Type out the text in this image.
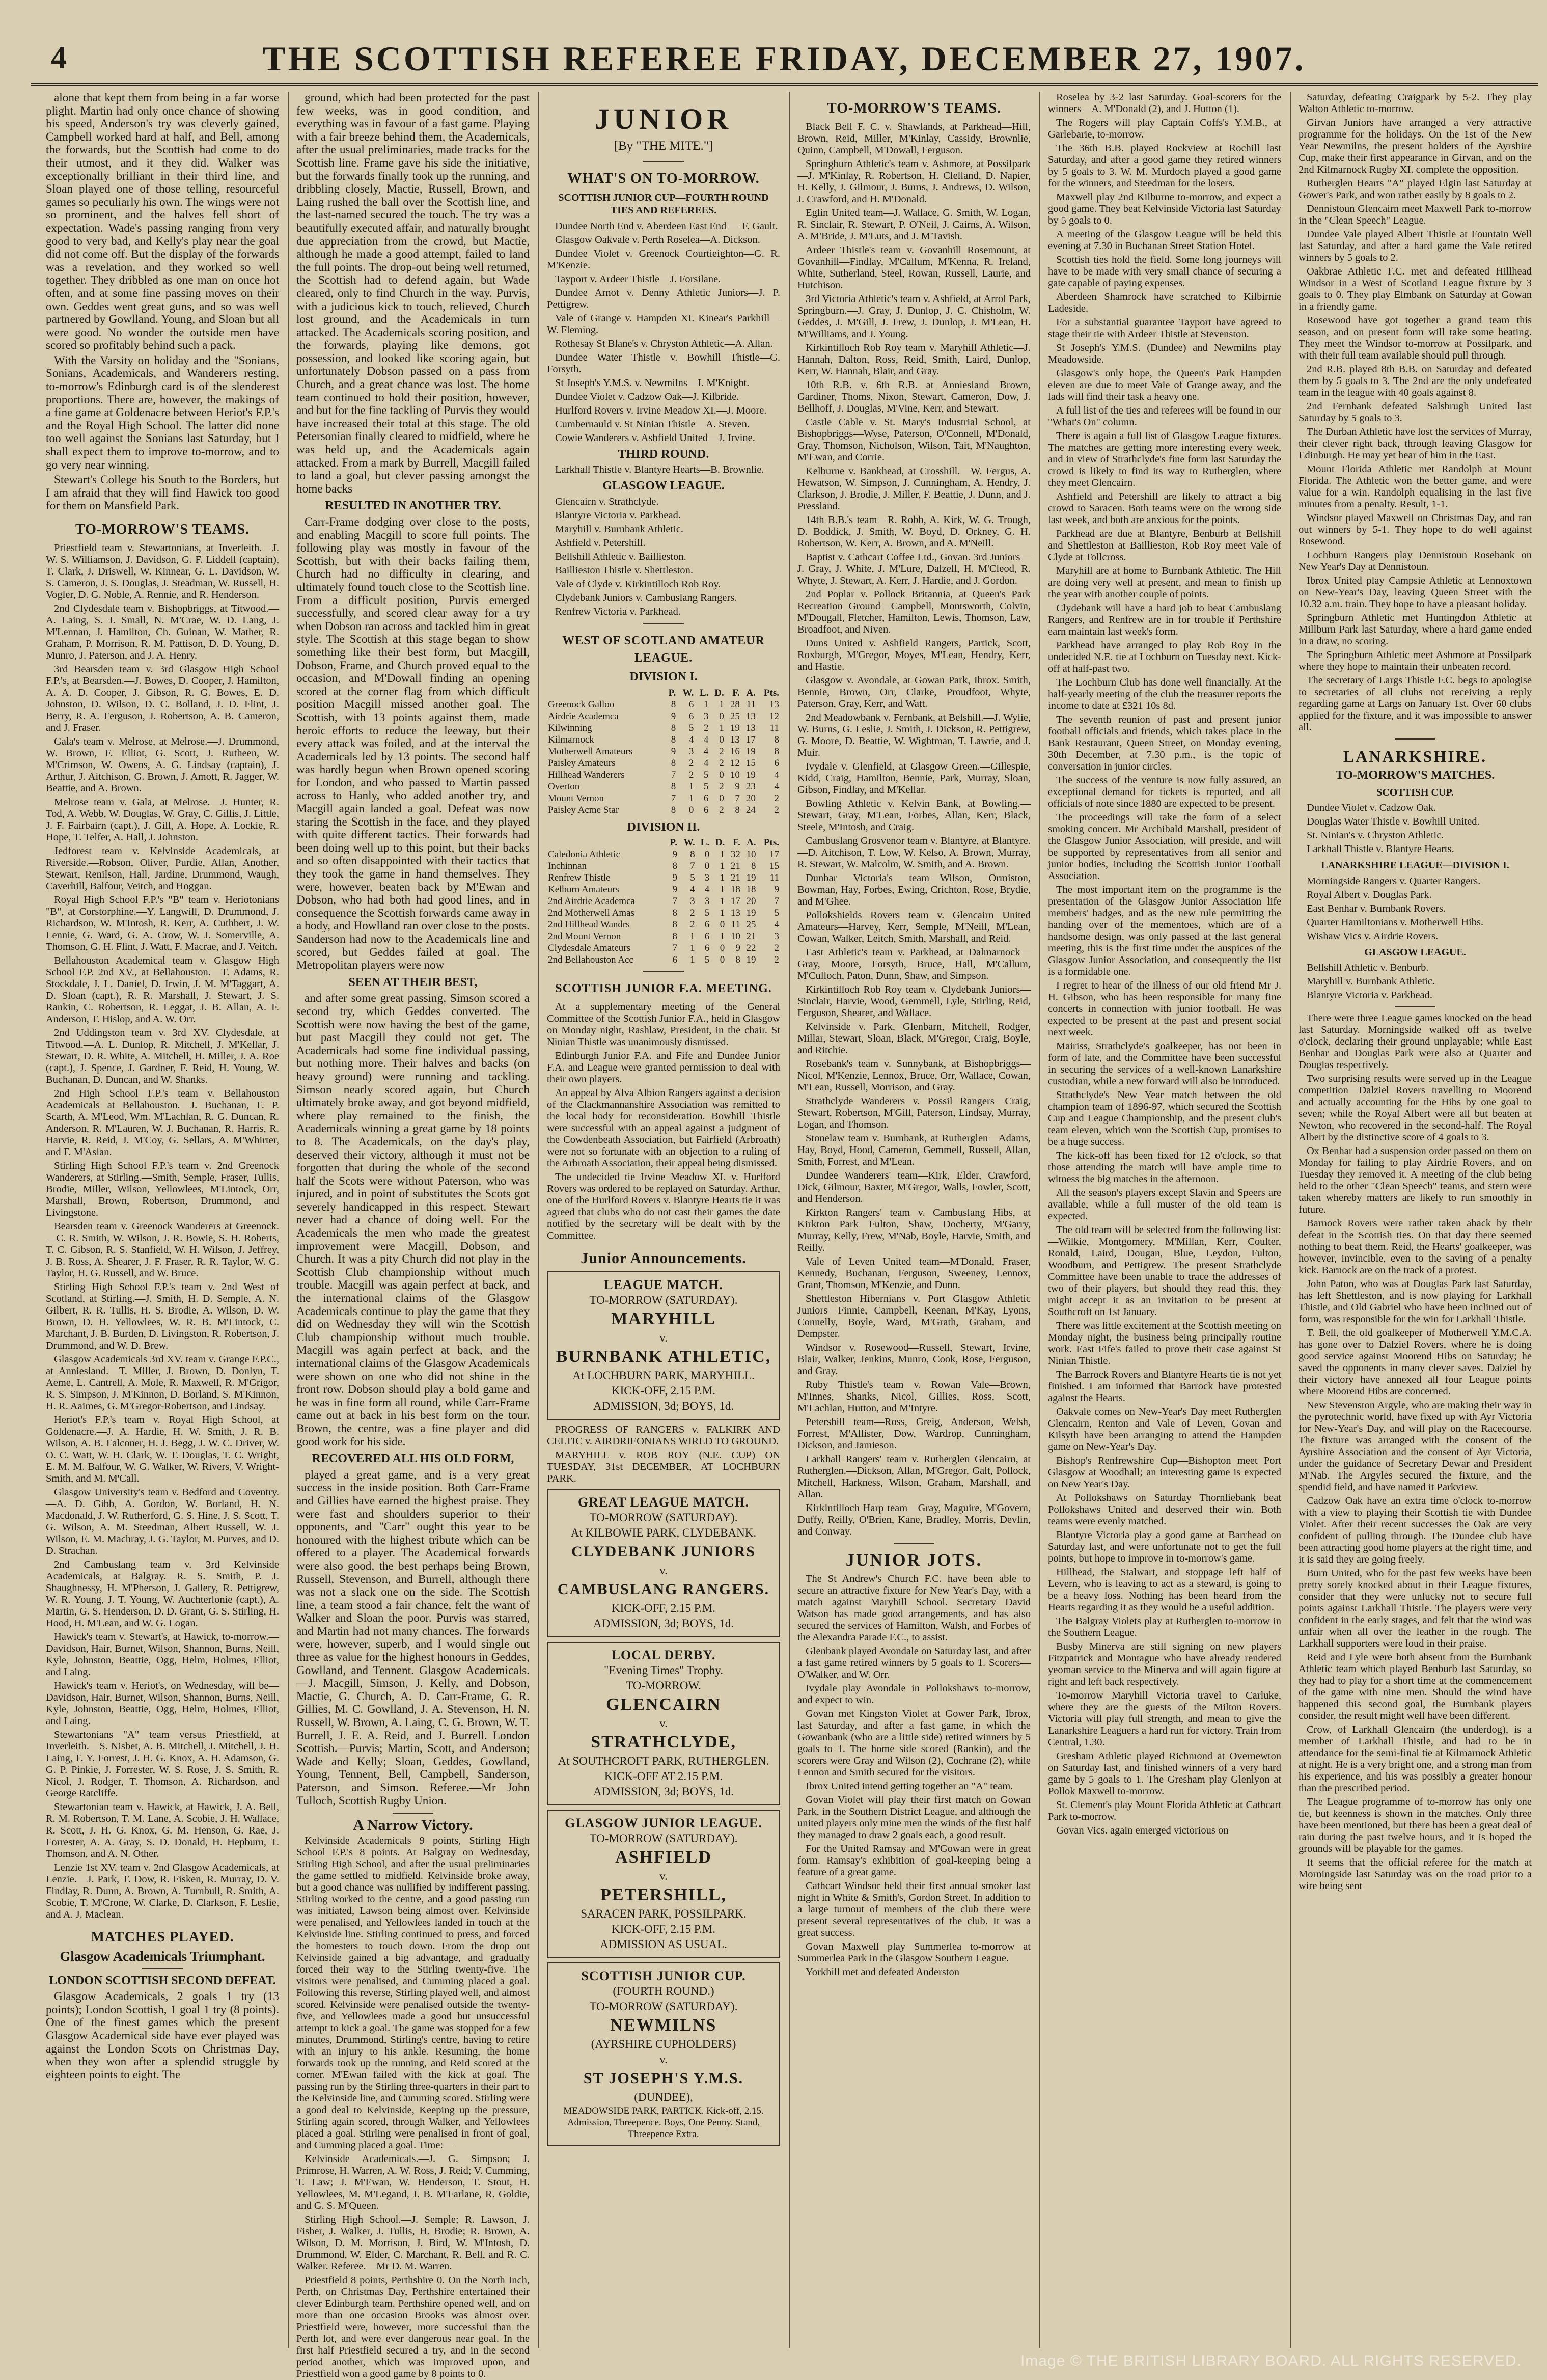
4	THE SCOTTISH REFEREE FRIDAY, DECEMBER 27, 1907.

alone that kept them from being in a far worse plight. Martin had only once chance of showing his speed, Anderson's try was cleverly gained, Campbell worked hard at half, and Bell, among the forwards, but the Scottish had come to do their utmost, and it they did. Walker was exceptionally brilliant in their third line, and Sloan played one of those telling, resourceful games so peculiarly his own. The wings were not so prominent, and the halves fell short of expectation. Wade's passing ranging from very good to very bad, and Kelly's play near the goal did not come off. But the display of the forwards was a revelation, and they worked so well together. They dribbled as one man on once hot often, and at some fine passing moves on their own. Geddes went great guns, and so was well partnered by Gowlland. Young, and Sloan but all were good. No wonder the outside men have scored so profitably behind such a pack.

With the Varsity on holiday and the "Sonians, Sonians, Academicals, and Wanderers resting, to-morrow's Edinburgh card is of the slenderest proportions. There are, however, the makings of a fine game at Goldenacre between Heriot's F.P.'s and the Royal High School. The latter did none too well against the Sonians last Saturday, but I shall expect them to improve to-morrow, and to go very near winning.

Stewart's College his South to the Borders, but I am afraid that they will find Hawick too good for them on Mansfield Park.

TO-MORROW'S TEAMS.

Priestfield team v. Stewartonians, at Inverleith.—J. W. S. Williamson, J. Davidson, G. F. Liddell (captain), T. Clark, J. Driswell, W. Kinnear, G. L. Davidson, W. S. Cameron, J. S. Douglas, J. Steadman, W. Russell, H. Vogler, D. G. Noble, A. Rennie, and R. Henderson.

2nd Clydesdale team v. Bishopbriggs, at Titwood.—A. Laing, S. J. Small, N. M'Crae, W. D. Lang, J. M'Lennan, J. Hamilton, Ch. Guinan, W. Mather, R. Graham, P. Morrison, R. M. Pattison, D. D. Young, D. Munro, J. Paterson, and J. A. Henry.

3rd Bearsden team v. 3rd Glasgow High School F.P.'s, at Bearsden.—J. Bowes, D. Cooper, J. Hamilton, A. A. D. Cooper, J. Gibson, R. G. Bowes, E. D. Johnston, D. Wilson, D. C. Bolland, J. D. Flint, J. Berry, R. A. Ferguson, J. Robertson, A. B. Cameron, and J. Fraser.

Gala's team v. Melrose, at Melrose.—J. Drummond, W. Brown, F. Elliot, G. Scott, J. Rutheen, W. M'Crimson, W. Owens, A. G. Lindsay (captain), J. Arthur, J. Aitchison, G. Brown, J. Amott, R. Jagger, W. Beattie, and A. Brown.

Melrose team v. Gala, at Melrose.—J. Hunter, R. Tod, A. Webb, W. Douglas, W. Gray, C. Gillis, J. Little, J. F. Fairbairn (capt.), J. Gill, A. Hope, A. Lockie, R. Hope, T. Telfer, A. Hall, J. Johnston.

Jedforest team v. Kelvinside Academicals, at Riverside.—Robson, Oliver, Purdie, Allan, Another, Stewart, Renilson, Hall, Jardine, Drummond, Waugh, Caverhill, Balfour, Veitch, and Hoggan.

Royal High School F.P.'s "B" team v. Heriotonians "B", at Corstorphine.—Y. Langwill, D. Drummond, J. Richardson, W. M'Intosh, R. Kerr, A. Cuthbert, J. W. Lennie, G. Ward, G. A. Crow, W. J. Somerville, A. Thomson, G. H. Flint, J. Watt, F. Macrae, and J. Veitch.

Bellahouston Academical team v. Glasgow High School F.P. 2nd XV., at Bellahouston.—T. Adams, R. Stockdale, J. L. Daniel, D. Irwin, J. M. M'Taggart, A. D. Sloan (capt.), R. R. Marshall, J. Stewart, J. S. Rankin, C. Robertson, R. Leggat, J. B. Allan, A. F. Anderson, T. Hislop, and A. W. Orr.

2nd Uddingston team v. 3rd XV. Clydesdale, at Titwood.—A. L. Dunlop, R. Mitchell, J. M'Kellar, J. Stewart, D. R. White, A. Mitchell, H. Miller, J. A. Roe (capt.), J. Spence, J. Gardner, F. Reid, H. Young, W. Buchanan, D. Duncan, and W. Shanks.

2nd High School F.P.'s team v. Bellahouston Academicals at Bellahouston.—J. Buchanan, F. P. Scarth, A. M'Leod, Wm. M'Lachlan, R. G. Duncan, R. Anderson, R. M'Lauren, W. J. Buchanan, R. Harris, R. Harvie, R. Reid, J. M'Coy, G. Sellars, A. M'Whirter, and F. M'Aslan.

Stirling High School F.P.'s team v. 2nd Greenock Wanderers, at Stirling.—Smith, Semple, Fraser, Tullis, Brodie, Miller, Wilson, Yellowlees, M'Lintock, Orr, Marshall, Brown, Robertson, Drummond, and Livingstone.

Bearsden team v. Greenock Wanderers at Greenock.—C. R. Smith, W. Wilson, J. R. Bowie, S. H. Roberts, T. C. Gibson, R. S. Stanfield, W. H. Wilson, J. Jeffrey, J. B. Ross, A. Shearer, J. F. Fraser, R. R. Taylor, W. G. Taylor, H. G. Russell, and W. Bruce.

Stirling High School F.P.'s team v. 2nd West of Scotland, at Stirling.—J. Smith, H. D. Semple, A. N. Gilbert, R. R. Tullis, H. S. Brodie, A. Wilson, D. W. Brown, D. H. Yellowlees, W. R. B. M'Lintock, C. Marchant, J. B. Burden, D. Livingston, R. Robertson, J. Drummond, and W. D. Brew.

Glasgow Academicals 3rd XV. team v. Grange F.P.C., at Anniesland.—T. Miller, J. Brown, D. Donlyn, T. Aeme, L. Cantrell, A. Mole, R. Maxwell, R. M'Grigor, R. S. Simpson, J. M'Kinnon, D. Borland, S. M'Kinnon, H. R. Aaimes, G. M'Gregor-Robertson, and Lindsay.

Heriot's F.P.'s team v. Royal High School, at Goldenacre.—J. A. Hardie, H. W. Smith, J. R. B. Wilson, A. B. Falconer, H. J. Begg, J. W. C. Driver, W. O. C. Watt, W. H. Clark, W. T. Douglas, T. C. Wright, E. M. M. Balfour, W. G. Walker, W. Rivers, V. Wright-Smith, and M. M'Call.

Glasgow University's team v. Bedford and Coventry.—A. D. Gibb, A. Gordon, W. Borland, H. N. Macdonald, J. W. Rutherford, G. S. Hine, J. S. Scott, T. G. Wilson, A. M. Steedman, Albert Russell, W. J. Wilson, E. M. Machray, J. G. Taylor, M. Purves, and D. D. Strachan.

2nd Cambuslang team v. 3rd Kelvinside Academicals, at Balgray.—R. S. Smith, P. J. Shaughnessy, H. M'Pherson, J. Gallery, R. Pettigrew, W. R. Young, J. T. Young, W. Auchterlonie (capt.), A. Martin, G. S. Henderson, D. D. Grant, G. S. Stirling, H. Hood, H. M'Lean, and W. G. Logan.

Hawick's team v. Stewart's, at Hawick, to-morrow.—Davidson, Hair, Burnet, Wilson, Shannon, Burns, Neill, Kyle, Johnston, Beattie, Ogg, Helm, Holmes, Elliot, and Laing.

Hawick's team v. Heriot's, on Wednesday, will be—Davidson, Hair, Burnet, Wilson, Shannon, Burns, Neill, Kyle, Johnston, Beattie, Ogg, Helm, Holmes, Elliot, and Laing.

Stewartonians "A" team versus Priestfield, at Inverleith.—S. Nisbet, A. B. Mitchell, J. Mitchell, J. H. Laing, F. Y. Forrest, J. H. G. Knox, A. H. Adamson, G. G. P. Pinkie, J. Forrester, W. S. Rose, J. S. Smith, R. Nicol, J. Rodger, T. Thomson, A. Richardson, and George Ratcliffe.

Stewartonian team v. Hawick, at Hawick, J. A. Bell, R. M. Robertson, T. M. Lane, A. Scobie, J. H. Wallace, R. Scott, J. H. G. Knox, G. M. Henson, G. Rae, J. Forrester, A. A. Gray, S. D. Donald, H. Hepburn, T. Thomson, and A. N. Other.

Lenzie 1st XV. team v. 2nd Glasgow Academicals, at Lenzie.—J. Park, T. Dow, R. Fisken, R. Murray, D. V. Findlay, R. Dunn, A. Brown, A. Turnbull, R. Smith, A. Scobie, T. M'Crone, W. Clarke, D. Clarkson, F. Leslie, and A. J. Maclean.

MATCHES PLAYED.
Glasgow Academicals Triumphant.
LONDON SCOTTISH SECOND DEFEAT.

Glasgow Academicals, 2 goals 1 try (13 points); London Scottish, 1 goal 1 try (8 points). One of the finest games which the present Glasgow Academical side have ever played was against the London Scots on Christmas Day, when they won after a splendid struggle by eighteen points to eight. The

ground, which had been protected for the past few weeks, was in good condition, and everything was in favour of a fast game. Playing with a fair breeze behind them, the Academicals, after the usual preliminaries, made tracks for the Scottish line. Frame gave his side the initiative, but the forwards finally took up the running, and dribbling closely, Mactie, Russell, Brown, and Laing rushed the ball over the Scottish line, and the last-named secured the touch. The try was a beautifully executed affair, and naturally brought due appreciation from the crowd, but Mactie, although he made a good attempt, failed to land the full points. The drop-out being well returned, the Scottish had to defend again, but Wade cleared, only to find Church in the way. Purvis, with a judicious kick to touch, relieved, Church lost ground, and the Academicals in turn attacked. The Academicals scoring position, and the forwards, playing like demons, got possession, and looked like scoring again, but unfortunately Dobson passed on a pass from Church, and a great chance was lost. The home team continued to hold their position, however, and but for the fine tackling of Purvis they would have increased their total at this stage. The old Petersonian finally cleared to midfield, where he was held up, and the Academicals again attacked. From a mark by Burrell, Macgill failed to land a goal, but clever passing amongst the home backs

RESULTED IN ANOTHER TRY.

Carr-Frame dodging over close to the posts, and enabling Macgill to score full points. The following play was mostly in favour of the Scottish, but with their backs failing them, Church had no difficulty in clearing, and ultimately found touch close to the Scottish line. From a difficult position, Purvis emerged successfully, and scored clear away for a try when Dobson ran across and tackled him in great style. The Scottish at this stage began to show something like their best form, but Macgill, Dobson, Frame, and Church proved equal to the occasion, and M'Dowall finding an opening scored at the corner flag from which difficult position Macgill missed another goal. The Scottish, with 13 points against them, made heroic efforts to reduce the leeway, but their every attack was foiled, and at the interval the Academicals led by 13 points. The second half was hardly begun when Brown opened scoring for London, and who passed to Martin passed across to Hanly, who added another try, and Macgill again landed a goal. Defeat was now staring the Scottish in the face, and they played with quite different tactics. Their forwards had been doing well up to this point, but their backs and so often disappointed with their tactics that they took the game in hand themselves. They were, however, beaten back by M'Ewan and Dobson, who had both had good lines, and in consequence the Scottish forwards came away in a body, and Howlland ran over close to the posts. Sanderson had now to the Academicals line and scored, but Geddes failed at goal. The Metropolitan players were now

SEEN AT THEIR BEST,

and after some great passing, Simson scored a second try, which Geddes converted. The Scottish were now having the best of the game, but past Macgill they could not get. The Academicals had some fine individual passing, but nothing more. Their halves and backs (on heavy ground) were running and tackling. Simson nearly scored again, but Church ultimately broke away, and got beyond midfield, where play remained to the finish, the Academicals winning a great game by 18 points to 8. The Academicals, on the day's play, deserved their victory, although it must not be forgotten that during the whole of the second half the Scots were without Paterson, who was injured, and in point of substitutes the Scots got severely handicapped in this respect. Stewart never had a chance of doing well. For the Academicals the men who made the greatest improvement were Macgill, Dobson, and Church. It was a pity Church did not play in the Scottish Club championship without much trouble. Macgill was again perfect at back, and the international claims of the Glasgow Academicals continue to play the game that they did on Wednesday they will win the Scottish Club championship without much trouble. Macgill was again perfect at back, and the international claims of the Glasgow Academicals were shown on one who did not shine in the front row. Dobson should play a bold game and he was in fine form all round, while Carr-Frame came out at back in his best form on the tour. Brown, the centre, was a fine player and did good work for his side.

RECOVERED ALL HIS OLD FORM,

played a great game, and is a very great success in the inside position. Both Carr-Frame and Gillies have earned the highest praise. They were fast and shoulders superior to their opponents, and "Carr" ought this year to be honoured with the highest tribute which can be offered to a player. The Academical forwards were also good, the best perhaps being Brown, Russell, Stevenson, and Burrell, although there was not a slack one on the side. The Scottish line, a team stood a fair chance, felt the want of Walker and Sloan the poor. Purvis was starred, and Martin had not many chances. The forwards were, however, superb, and I would single out three as value for the highest honours in Geddes, Gowlland, and Tennent. Glasgow Academicals.—J. Macgill, Simson, J. Kelly, and Dobson, Mactie, G. Church, A. D. Carr-Frame, G. R. Gillies, M. C. Gowlland, J. A. Stevenson, H. N. Russell, W. Brown, A. Laing, C. G. Brown, W. T. Burrell, J. E. A. Reid, and J. Burrell. London Scottish.—Purvis; Martin, Scott, and Anderson; Wade and Kelly; Sloan, Geddes, Gowlland, Young, Tennent, Bell, Campbell, Sanderson, Paterson, and Simson. Referee.—Mr John Tulloch, Scottish Rugby Union.

A Narrow Victory.

Kelvinside Academicals 9 points, Stirling High School F.P.'s 8 points. At Balgray on Wednesday, Stirling High School, and after the usual preliminaries the game settled to midfield. Kelvinside broke away, but a good chance was nullified by indifferent passing. Stirling worked to the centre, and a good passing run was initiated, Lawson being almost over. Kelvinside were penalised, and Yellowlees landed in touch at the Kelvinside line. Stirling continued to press, and forced the homesters to touch down. From the drop out Kelvinside gained a big advantage, and gradually forced their way to the Stirling twenty-five. The visitors were penalised, and Cumming placed a goal. Following this reverse, Stirling played well, and almost scored. Kelvinside were penalised outside the twenty-five, and Yellowlees made a good but unsuccessful attempt to kick a goal. The game was stopped for a few minutes, Drummond, Stirling's centre, having to retire with an injury to his ankle. Resuming, the home forwards took up the running, and Reid scored at the corner. M'Ewan failed with the kick at goal. The passing run by the Stirling three-quarters in their part to the Kelvinside line, and Cumming scored. Stirling were a good deal to Kelvinside, Keeping up the pressure, Stirling again scored, through Walker, and Yellowlees placed a goal. Stirling were penalised in front of goal, and Cumming placed a goal. Time:—

Kelvinside Academicals.—J. G. Simpson; J. Primrose, H. Warren, A. W. Ross, J. Reid; V. Cumming, T. Law; J. M'Ewan, W. Henderson, T. Stout, H. Yellowlees, M. M'Legand, J. B. M'Farlane, R. Goldie, and G. S. M'Queen.

Stirling High School.—J. Semple; R. Lawson, J. Fisher, J. Walker, J. Tullis, H. Brodie; R. Brown, A. Wilson, D. M. Morrison, J. Bird, W. M'Intosh, D. Drummond, W. Elder, C. Marchant, R. Bell, and R. C. Walker. Referee.—Mr D. M. Warren.

Priestfield 8 points, Perthshire 0. On the North Inch, Perth, on Christmas Day, Perthshire entertained their clever Edinburgh team. Perthshire opened well, and on more than one occasion Brooks was almost over. Priestfield were, however, more successful than the Perth lot, and were ever dangerous near goal. In the first half Priestfield secured a try, and in the second period another, which was improved upon, and Priestfield won a good game by 8 points to 0.

JUNIOR
[By "THE MITE."]
WHAT'S ON TO-MORROW.
SCOTTISH JUNIOR CUP—FOURTH ROUND TIES AND REFEREES.

Dundee North End v. Aberdeen East End — F. Gault.

Glasgow Oakvale v. Perth Roselea—A. Dickson.

Dundee Violet v. Greenock Courtieighton—G. R. M'Kenzie.

Tayport v. Ardeer Thistle—J. Forsilane.

Dundee Arnot v. Denny Athletic Juniors—J. P. Pettigrew.

Vale of Grange v. Hampden XI. Kinear's Parkhill—W. Fleming.

Rothesay St Blane's v. Chryston Athletic—A. Allan.

Dundee Water Thistle v. Bowhill Thistle—G. Forsyth.

St Joseph's Y.M.S. v. Newmilns—I. M'Knight.

Dundee Violet v. Cadzow Oak—J. Kilbride.

Hurlford Rovers v. Irvine Meadow XI.—J. Moore.

Cumbernauld v. St Ninian Thistle—A. Steven.

Cowie Wanderers v. Ashfield United—J. Irvine.

THIRD ROUND.

Larkhall Thistle v. Blantyre Hearts—B. Brownlie.

GLASGOW LEAGUE.

Glencairn v. Strathclyde.

Blantyre Victoria v. Parkhead.

Maryhill v. Burnbank Athletic.

Ashfield v. Petershill.

Bellshill Athletic v. Baillieston.

Baillieston Thistle v. Shettleston.

Vale of Clyde v. Kirkintilloch Rob Roy.

Clydebank Juniors v. Cambuslang Rangers.

Renfrew Victoria v. Parkhead.

WEST OF SCOTLAND AMATEUR LEAGUE.
DIVISION I.
	P.	W.	L.	D.	F.	A.	Pts.
Greenock Galloo	8	6	1	1	28	11	13
Airdrie Academca	9	6	3	0	25	13	12
Kilwinning	8	5	2	1	19	13	11
Kilmarnock	8	4	4	0	13	17	8
Motherwell Amateurs	9	3	4	2	16	19	8
Paisley Amateurs	8	2	4	2	12	15	6
Hillhead Wanderers	7	2	5	0	10	19	4
Overton	8	1	5	2	9	23	4
Mount Vernon	7	1	6	0	7	20	2
Paisley Acme Star	8	0	6	2	8	24	2
DIVISION II.
	P.	W.	L.	D.	F.	A.	Pts.
Caledonia Athletic	9	8	0	1	32	10	17
Inchinnan	8	7	0	1	21	8	15
Renfrew Thistle	9	5	3	1	21	19	11
Kelburn Amateurs	9	4	4	1	18	18	9
2nd Airdrie Academca	7	3	3	1	17	20	7
2nd Motherwell Amas	8	2	5	1	13	19	5
2nd Hillhead Wandrs	8	2	6	0	11	25	4
2nd Mount Vernon	8	1	6	1	10	21	3
Clydesdale Amateurs	7	1	6	0	9	22	2
2nd Bellahouston Acc	6	1	5	0	8	19	2
SCOTTISH JUNIOR F.A. MEETING.

At a supplementary meeting of the General Committee of the Scottish Junior F.A., held in Glasgow on Monday night, Rashlaw, President, in the chair. St Ninian Thistle was unanimously dismissed.

Edinburgh Junior F.A. and Fife and Dundee Junior F.A. and League were granted permission to deal with their own players.

An appeal by Alva Albion Rangers against a decision of the Clackmannanshire Association was remitted to the local body for reconsideration. Bowhill Thistle were successful with an appeal against a judgment of the Cowdenbeath Association, but Fairfield (Arbroath) were not so fortunate with an objection to a ruling of the Arbroath Association, their appeal being dismissed.

The undecided tie Irvine Meadow XI. v. Hurlford Rovers was ordered to be replayed on Saturday. Arthur, one of the Hurlford Rovers v. Blantyre Hearts tie it was agreed that clubs who do not cast their games the date notified by the secretary will be dealt with by the Committee.

Junior Announcements.
LEAGUE MATCH.
TO-MORROW (SATURDAY).
MARYHILL
v.
BURNBANK ATHLETIC,
At LOCHBURN PARK, MARYHILL.
KICK-OFF, 2.15 P.M.
ADMISSION, 3d; BOYS, 1d.

PROGRESS OF RANGERS v. FALKIRK AND CELTIC v. AIRDRIEONIANS WIRED TO GROUND.

MARYHILL v. ROB ROY (N.E. CUP) ON TUESDAY, 31st DECEMBER, AT LOCHBURN PARK.

GREAT LEAGUE MATCH.
TO-MORROW (SATURDAY).
At KILBOWIE PARK, CLYDEBANK.
CLYDEBANK JUNIORS
v.
CAMBUSLANG RANGERS.
KICK-OFF, 2.15 P.M.
ADMISSION, 3d; BOYS, 1d.
LOCAL DERBY.
"Evening Times" Trophy.
TO-MORROW.
GLENCAIRN
v.
STRATHCLYDE,
At SOUTHCROFT PARK, RUTHERGLEN.
KICK-OFF AT 2.15 P.M.
ADMISSION, 3d; BOYS, 1d.
GLASGOW JUNIOR LEAGUE.
TO-MORROW (SATURDAY).
ASHFIELD
v.
PETERSHILL,
SARACEN PARK, POSSILPARK.
KICK-OFF, 2.15 P.M.
ADMISSION AS USUAL.
SCOTTISH JUNIOR CUP.
(FOURTH ROUND.)
TO-MORROW (SATURDAY).
NEWMILNS
(AYRSHIRE CUPHOLDERS)
v.
ST JOSEPH'S Y.M.S.
(DUNDEE),
MEADOWSIDE PARK, PARTICK. Kick-off, 2.15. Admission, Threepence. Boys, One Penny. Stand, Threepence Extra.
TO-MORROW'S TEAMS.

Black Bell F. C. v. Shawlands, at Parkhead—Hill, Brown, Reid, Miller, M'Kinlay, Cassidy, Brownlie, Quinn, Campbell, M'Dowall, Ferguson.

Springburn Athletic's team v. Ashmore, at Possilpark—J. M'Kinlay, R. Robertson, H. Clelland, D. Napier, H. Kelly, J. Gilmour, J. Burns, J. Andrews, D. Wilson, J. Crawford, and H. M'Donald.

Eglin United team—J. Wallace, G. Smith, W. Logan, R. Sinclair, R. Stewart, P. O'Neil, J. Cairns, A. Wilson, A. M'Bride, J. M'Luts, and J. M'Tavish.

Ardeer Thistle's team v. Govanhill Rosemount, at Govanhill—Findlay, M'Callum, M'Kenna, R. Ireland, White, Sutherland, Steel, Rowan, Russell, Laurie, and Hutchison.

3rd Victoria Athletic's team v. Ashfield, at Arrol Park, Springburn.—J. Gray, J. Dunlop, J. C. Chisholm, W. Geddes, J. M'Gill, J. Frew, J. Dunlop, J. M'Lean, H. M'Williams, and J. Young.

Kirkintilloch Rob Roy team v. Maryhill Athletic—J. Hannah, Dalton, Ross, Reid, Smith, Laird, Dunlop, Kerr, W. Hannah, Blair, and Gray.

10th R.B. v. 6th R.B. at Anniesland—Brown, Gardiner, Thoms, Nixon, Stewart, Cameron, Dow, J. Bellhoff, J. Douglas, M'Vine, Kerr, and Stewart.

Castle Cable v. St. Mary's Industrial School, at Bishopbriggs—Wyse, Paterson, O'Connell, M'Donald, Gray, Thomson, Nicholson, Wilson, Tait, M'Naughton, M'Ewan, and Corrie.

Kelburne v. Bankhead, at Crosshill.—W. Fergus, A. Hewatson, W. Simpson, J. Cunningham, A. Hendry, J. Clarkson, J. Brodie, J. Miller, F. Beattie, J. Dunn, and J. Pressland.

14th B.B.'s team—R. Robb, A. Kirk, W. G. Trough, D. Boddick, J. Smith, W. Boyd, D. Orkney, G. H. Robertson, W. Kerr, A. Brown, and A. M'Neill.

Baptist v. Cathcart Coffee Ltd., Govan. 3rd Juniors—J. Gray, J. White, J. M'Lure, Dalzell, H. M'Cleod, R. Whyte, J. Stewart, A. Kerr, J. Hardie, and J. Gordon.

2nd Poplar v. Pollock Britannia, at Queen's Park Recreation Ground—Campbell, Montsworth, Colvin, M'Dougall, Fletcher, Hamilton, Lewis, Thomson, Law, Broadfoot, and Niven.

Duns United v. Ashfield Rangers, Partick, Scott, Roxburgh, M'Gregor, Moyes, M'Lean, Hendry, Kerr, and Hastie.

Glasgow v. Avondale, at Gowan Park, Ibrox. Smith, Bennie, Brown, Orr, Clarke, Proudfoot, Whyte, Paterson, Gray, Kerr, and Watt.

2nd Meadowbank v. Fernbank, at Belshill.—J. Wylie, W. Burns, G. Leslie, J. Smith, J. Dickson, R. Pettigrew, G. Moore, D. Beattie, W. Wightman, T. Lawrie, and J. Muir.

Ivydale v. Glenfield, at Glasgow Green.—Gillespie, Kidd, Craig, Hamilton, Bennie, Park, Murray, Sloan, Gibson, Findlay, and M'Kellar.

Bowling Athletic v. Kelvin Bank, at Bowling.—Stewart, Gray, M'Lean, Forbes, Allan, Kerr, Black, Steele, M'Intosh, and Craig.

Cambuslang Grosvenor team v. Blantyre, at Blantyre.—D. Aitchison, T. Low, W. Kelso, A. Brown, Murray, R. Stewart, W. Malcolm, W. Smith, and A. Brown.

Dunbar Victoria's team—Wilson, Ormiston, Bowman, Hay, Forbes, Ewing, Crichton, Rose, Brydie, and M'Ghee.

Pollokshields Rovers team v. Glencairn United Amateurs—Harvey, Kerr, Semple, M'Neill, M'Lean, Cowan, Walker, Leitch, Smith, Marshall, and Reid.

East Athletic's team v. Parkhead, at Dalmarnock—Gray, Moore, Forsyth, Bruce, Hall, M'Callum, M'Culloch, Paton, Dunn, Shaw, and Simpson.

Kirkintilloch Rob Roy team v. Clydebank Juniors—Sinclair, Harvie, Wood, Gemmell, Lyle, Stirling, Reid, Ferguson, Shearer, and Wallace.

Kelvinside v. Park, Glenbarn, Mitchell, Rodger, Millar, Stewart, Sloan, Black, M'Gregor, Craig, Boyle, and Ritchie.

Rosebank's team v. Sunnybank, at Bishopbriggs—Nicol, M'Kenzie, Lennox, Bruce, Orr, Wallace, Cowan, M'Lean, Russell, Morrison, and Gray.

Strathclyde Wanderers v. Possil Rangers—Craig, Stewart, Robertson, M'Gill, Paterson, Lindsay, Murray, Logan, and Thomson.

Stonelaw team v. Burnbank, at Rutherglen—Adams, Hay, Boyd, Hood, Cameron, Gemmell, Russell, Allan, Smith, Forrest, and M'Lean.

Dundee Wanderers' team—Kirk, Elder, Crawford, Dick, Gilmour, Baxter, M'Gregor, Walls, Fowler, Scott, and Henderson.

Kirkton Rangers' team v. Cambuslang Hibs, at Kirkton Park—Fulton, Shaw, Docherty, M'Garry, Murray, Kelly, Frew, M'Nab, Boyle, Harvie, Smith, and Reilly.

Vale of Leven United team—M'Donald, Fraser, Kennedy, Buchanan, Ferguson, Sweeney, Lennox, Grant, Thomson, M'Kenzie, and Dunn.

Shettleston Hibernians v. Port Glasgow Athletic Juniors—Finnie, Campbell, Keenan, M'Kay, Lyons, Connelly, Boyle, Ward, M'Grath, Graham, and Dempster.

Windsor v. Rosewood—Russell, Stewart, Irvine, Blair, Walker, Jenkins, Munro, Cook, Rose, Ferguson, and Gray.

Ruby Thistle's team v. Rowan Vale—Brown, M'Innes, Shanks, Nicol, Gillies, Ross, Scott, M'Lachlan, Hutton, and M'Intyre.

Petershill team—Ross, Greig, Anderson, Welsh, Forrest, M'Allister, Dow, Wardrop, Cunningham, Dickson, and Jamieson.

Larkhall Rangers' team v. Rutherglen Glencairn, at Rutherglen.—Dickson, Allan, M'Gregor, Galt, Pollock, Mitchell, Harkness, Wilson, Graham, Marshall, and Allan.

Kirkintilloch Harp team—Gray, Maguire, M'Govern, Duffy, Reilly, O'Brien, Kane, Bradley, Morris, Devlin, and Conway.

JUNIOR JOTS.

The St Andrew's Church F.C. have been able to secure an attractive fixture for New Year's Day, with a match against Maryhill School. Secretary David Watson has made good arrangements, and has also secured the services of Hamilton, Walsh, and Forbes of the Alexandra Parade F.C., to assist.

Glenbank played Avondale on Saturday last, and after a fast game retired winners by 5 goals to 1. Scorers—O'Walker, and W. Orr.

Ivydale play Avondale in Pollokshaws to-morrow, and expect to win.

Govan met Kingston Violet at Gower Park, Ibrox, last Saturday, and after a fast game, in which the Gowanbank (who are a little side) retired winners by 5 goals to 1. The home side scored (Rankin), and the scorers were Gray and Wilson (2), Cochrane (2), while Lennon and Smith secured for the visitors.

Ibrox United intend getting together an "A" team.

Govan Violet will play their first match on Gowan Park, in the Southern District League, and although the united players only mine men the winds of the first half they managed to draw 2 goals each, a good result.

For the United Ramsay and M'Gowan were in great form. Ramsay's exhibition of goal-keeping being a feature of a great game.

Cathcart Windsor held their first annual smoker last night in White & Smith's, Gordon Street. In addition to a large turnout of members of the club there were present several representatives of the club. It was a great success.

Govan Maxwell play Summerlea to-morrow at Summerlea Park in the Glasgow Southern League.

Yorkhill met and defeated Anderston

Roselea by 3-2 last Saturday. Goal-scorers for the winners—A. M'Donald (2), and J. Hutton (1).

The Rogers will play Captain Coffs's Y.M.B., at Garlebarie, to-morrow.

The 36th B.B. played Rockview at Rochill last Saturday, and after a good game they retired winners by 5 goals to 3. W. M. Murdoch played a good game for the winners, and Steedman for the losers.

Maxwell play 2nd Kilburne to-morrow, and expect a good game. They beat Kelvinside Victoria last Saturday by 5 goals to 0.

A meeting of the Glasgow League will be held this evening at 7.30 in Buchanan Street Station Hotel.

Scottish ties hold the field. Some long journeys will have to be made with very small chance of securing a gate capable of paying expenses.

Aberdeen Shamrock have scratched to Kilbirnie Ladeside.

For a substantial guarantee Tayport have agreed to stage their tie with Ardeer Thistle at Stevenston.

St Joseph's Y.M.S. (Dundee) and Newmilns play Meadowside.

Glasgow's only hope, the Queen's Park Hampden eleven are due to meet Vale of Grange away, and the lads will find their task a heavy one.

A full list of the ties and referees will be found in our "What's On" column.

There is again a full list of Glasgow League fixtures. The matches are getting more interesting every week, and in view of Strathclyde's fine form last Saturday the crowd is likely to find its way to Rutherglen, where they meet Glencairn.

Ashfield and Petershill are likely to attract a big crowd to Saracen. Both teams were on the wrong side last week, and both are anxious for the points.

Parkhead are due at Blantyre, Benburb at Bellshill and Shettleston at Baillieston, Rob Roy meet Vale of Clyde at Tollcross.

Maryhill are at home to Burnbank Athletic. The Hill are doing very well at present, and mean to finish up the year with another couple of points.

Clydebank will have a hard job to beat Cambuslang Rangers, and Renfrew are in for trouble if Perthshire earn maintain last week's form.

Parkhead have arranged to play Rob Roy in the undecided N.E. tie at Lochburn on Tuesday next. Kick-off at half-past two.

The Lochburn Club has done well financially. At the half-yearly meeting of the club the treasurer reports the income to date at £321 10s 8d.

The seventh reunion of past and present junior football officials and friends, which takes place in the Bank Restaurant, Queen Street, on Monday evening, 30th December, at 7.30 p.m., is the topic of conversation in junior circles.

The success of the venture is now fully assured, an exceptional demand for tickets is reported, and all officials of note since 1880 are expected to be present.

The proceedings will take the form of a select smoking concert. Mr Archibald Marshall, president of the Glasgow Junior Association, will preside, and will be supported by representatives from all senior and junior bodies, including the Scottish Junior Football Association.

The most important item on the programme is the presentation of the Glasgow Junior Association life members' badges, and as the new rule permitting the handing over of the mementoes, which are of a handsome design, was only passed at the last general meeting, this is the first time under the auspices of the Glasgow Junior Association, and consequently the list is a formidable one.

I regret to hear of the illness of our old friend Mr J. H. Gibson, who has been responsible for many fine concerts in connection with junior football. He was expected to be present at the past and present social next week.

Mairiss, Strathclyde's goalkeeper, has not been in form of late, and the Committee have been successful in securing the services of a well-known Lanarkshire custodian, while a new forward will also be introduced.

Strathclyde's New Year match between the old champion team of 1896-97, which secured the Scottish Cup and League Championship, and the present club's team eleven, which won the Scottish Cup, promises to be a huge success.

The kick-off has been fixed for 12 o'clock, so that those attending the match will have ample time to witness the big matches in the afternoon.

All the season's players except Slavin and Speers are available, while a full muster of the old team is expected.

The old team will be selected from the following list:—Wilkie, Montgomery, M'Millan, Kerr, Coulter, Ronald, Laird, Dougan, Blue, Leydon, Fulton, Woodburn, and Pettigrew. The present Strathclyde Committee have been unable to trace the addresses of two of their players, but should they read this, they might accept it as an invitation to be present at Southcroft on 1st January.

There was little excitement at the Scottish meeting on Monday night, the business being principally routine work. East Fife's failed to prove their case against St Ninian Thistle.

The Barrock Rovers and Blantyre Hearts tie is not yet finished. I am informed that Barrock have protested against the Hearts.

Oakvale comes on New-Year's Day meet Rutherglen Glencairn, Renton and Vale of Leven, Govan and Kilsyth have been arranging to attend the Hampden game on New-Year's Day.

Bishop's Renfrewshire Cup—Bishopton meet Port Glasgow at Woodhall; an interesting game is expected on New Year's Day.

At Pollokshaws on Saturday Thornliebank beat Pollokshaws United and deserved their win. Both teams were evenly matched.

Blantyre Victoria play a good game at Barrhead on Saturday last, and were unfortunate not to get the full points, but hope to improve in to-morrow's game.

Hillhead, the Stalwart, and stoppage left half of Levern, who is leaving to act as a steward, is going to be a heavy loss. Nothing has been heard from the Hearts regarding it as they would be a useful addition.

The Balgray Violets play at Rutherglen to-morrow in the Southern League.

Busby Minerva are still signing on new players Fitzpatrick and Montague who have already rendered yeoman service to the Minerva and will again figure at right and left back respectively.

To-morrow Maryhill Victoria travel to Carluke, where they are the guests of the Milton Rovers. Victoria will play full strength, and mean to give the Lanarkshire Leaguers a hard run for victory. Train from Central, 1.30.

Gresham Athletic played Richmond at Overnewton on Saturday last, and finished winners of a very hard game by 5 goals to 1. The Gresham play Glenlyon at Pollok Maxwell to-morrow.

St. Clement's play Mount Florida Athletic at Cathcart Park to-morrow.

Govan Vics. again emerged victorious on

Saturday, defeating Craigpark by 5-2. They play Walton Athletic to-morrow.

Girvan Juniors have arranged a very attractive programme for the holidays. On the 1st of the New Year Newmilns, the present holders of the Ayrshire Cup, make their first appearance in Girvan, and on the 2nd Kilmarnock Rugby XI. complete the opposition.

Rutherglen Hearts "A" played Elgin last Saturday at Gower's Park, and won rather easily by 8 goals to 2.

Dennistoun Glencairn meet Maxwell Park to-morrow in the "Clean Speech" League.

Dundee Vale played Albert Thistle at Fountain Well last Saturday, and after a hard game the Vale retired winners by 5 goals to 2.

Oakbrae Athletic F.C. met and defeated Hillhead Windsor in a West of Scotland League fixture by 3 goals to 0. They play Elmbank on Saturday at Gowan in a friendly game.

Rosewood have got together a grand team this season, and on present form will take some beating. They meet the Windsor to-morrow at Possilpark, and with their full team available should pull through.

2nd R.B. played 8th B.B. on Saturday and defeated them by 5 goals to 3. The 2nd are the only undefeated team in the league with 40 goals against 8.

2nd Fernbank defeated Salsbrugh United last Saturday by 5 goals to 3.

The Durban Athletic have lost the services of Murray, their clever right back, through leaving Glasgow for Edinburgh. He may yet hear of him in the East.

Mount Florida Athletic met Randolph at Mount Florida. The Athletic won the better game, and were value for a win. Randolph equalising in the last five minutes from a penalty. Result, 1-1.

Windsor played Maxwell on Christmas Day, and ran out winners by 5-1. They hope to do well against Rosewood.

Lochburn Rangers play Dennistoun Rosebank on New Year's Day at Dennistoun.

Ibrox United play Campsie Athletic at Lennoxtown on New-Year's Day, leaving Queen Street with the 10.32 a.m. train. They hope to have a pleasant holiday.

Springburn Athletic met Huntingdon Athletic at Millburn Park last Saturday, where a hard game ended in a draw, no scoring.

The Springburn Athletic meet Ashmore at Possilpark where they hope to maintain their unbeaten record.

The secretary of Largs Thistle F.C. begs to apologise to secretaries of all clubs not receiving a reply regarding game at Largs on January 1st. Over 60 clubs applied for the fixture, and it was impossible to answer all.

LANARKSHIRE.
TO-MORROW'S MATCHES.
SCOTTISH CUP.

Dundee Violet v. Cadzow Oak.

Douglas Water Thistle v. Bowhill United.

St. Ninian's v. Chryston Athletic.

Larkhall Thistle v. Blantyre Hearts.

LANARKSHIRE LEAGUE—DIVISION I.

Morningside Rangers v. Quarter Rangers.

Royal Albert v. Douglas Park.

East Benhar v. Burnbank Rovers.

Quarter Hamiltonians v. Motherwell Hibs.

Wishaw Vics v. Airdrie Rovers.

GLASGOW LEAGUE.

Bellshill Athletic v. Benburb.

Maryhill v. Burnbank Athletic.

Blantyre Victoria v. Parkhead.

There were three League games knocked on the head last Saturday. Morningside walked off as twelve o'clock, declaring their ground unplayable; while East Benhar and Douglas Park were also at Quarter and Douglas respectively.

Two surprising results were served up in the League competition—Dalziel Rovers travelling to Moorend and actually accounting for the Hibs by one goal to seven; while the Royal Albert were all but beaten at Newton, who recovered in the second-half. The Royal Albert by the distinctive score of 4 goals to 3.

Ox Benhar had a suspension order passed on them on Monday for failing to play Airdrie Rovers, and on Tuesday they removed it. A meeting of the club being held to the other "Clean Speech" teams, and stern were taken whereby matters are likely to run smoothly in future.

Barnock Rovers were rather taken aback by their defeat in the Scottish ties. On that day there seemed nothing to beat them. Reid, the Hearts' goalkeeper, was however, invincible, even to the saving of a penalty kick. Barnock are on the track of a protest.

John Paton, who was at Douglas Park last Saturday, has left Shettleston, and is now playing for Larkhall Thistle, and Old Gabriel who have been inclined out of form, was responsible for the win for Larkhall Thistle.

T. Bell, the old goalkeeper of Motherwell Y.M.C.A. has gone over to Dalziel Rovers, where he is doing good service against Moorend Hibs on Saturday; he saved the opponents in many clever saves. Dalziel by their victory have annexed all four League points where Moorend Hibs are concerned.

New Stevenston Argyle, who are making their way in the pyrotechnic world, have fixed up with Ayr Victoria for New-Year's Day, and will play on the Racecourse. The fixture was arranged with the consent of the Ayrshire Association and the consent of Ayr Victoria, under the guidance of Secretary Dewar and President M'Nab. The Argyles secured the fixture, and the spendid field, and have named it Parkview.

Cadzow Oak have an extra time o'clock to-morrow with a view to playing their Scottish tie with Dundee Violet. After their recent successes the Oak are very confident of pulling through. The Dundee club have been attracting good home players at the right time, and it is said they are going freely.

Burn United, who for the past few weeks have been pretty sorely knocked about in their League fixtures, consider that they were unlucky not to secure full points against Larkhall Thistle. The players were very confident in the early stages, and felt that the wind was unfair when all over the leather in the rough. The Larkhall supporters were loud in their praise.

Reid and Lyle were both absent from the Burnbank Athletic team which played Benburb last Saturday, so they had to play for a short time at the commencement of the game with nine men. Should the wind have happened this second goal, the Burnbank players consider, the result might well have been different.

Crow, of Larkhall Glencairn (the underdog), is a member of Larkhall Thistle, and had to be in attendance for the semi-final tie at Kilmarnock Athletic at night. He is a very bright one, and a strong man from his experience, and his was possibly a greater honour than the prescribed period.

The League programme of to-morrow has only one tie, but keenness is shown in the matches. Only three have been mentioned, but there has been a great deal of rain during the past twelve hours, and it is hoped the grounds will be playable for the games.

It seems that the official referee for the match at Morningside last Saturday was on the road prior to a wire being sent

Image © THE BRITISH LIBRARY BOARD. ALL RIGHTS RESERVED.
